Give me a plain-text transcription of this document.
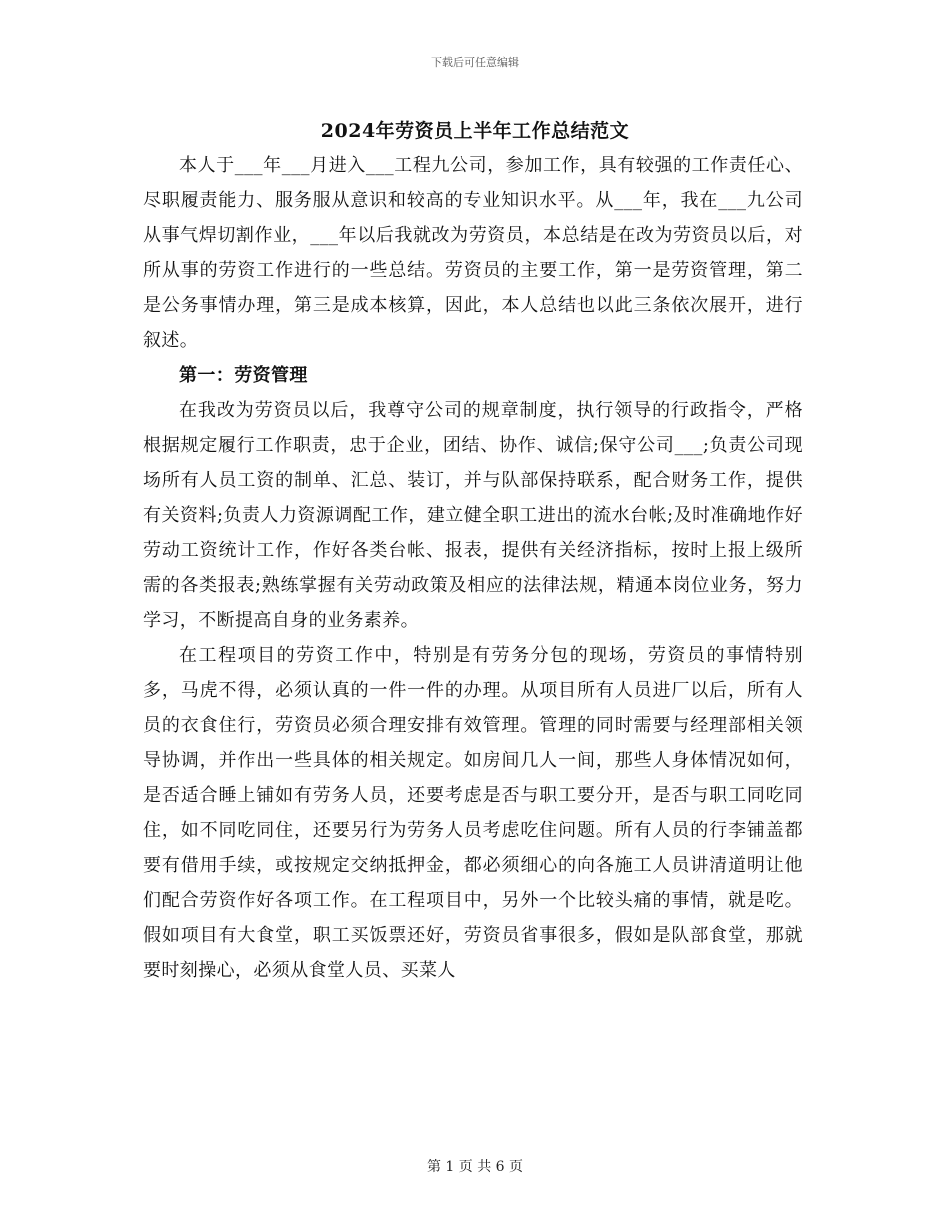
下载后可任意编辑
2024年劳资员上半年工作总结范文

本人于___年___月进入___工程九公司，参加工作，具有较强的工作责任心、尽职履责能力、服务服从意识和较高的专业知识水平。从___年，我在___九公司从事气焊切割作业，___年以后我就改为劳资员，本总结是在改为劳资员以后，对所从事的劳资工作进行的一些总结。劳资员的主要工作，第一是劳资管理，第二是公务事情办理，第三是成本核算，因此，本人总结也以此三条依次展开，进行叙述。

第一：劳资管理

在我改为劳资员以后，我尊守公司的规章制度，执行领导的行政指令，严格根据规定履行工作职责，忠于企业，团结、协作、诚信;保守公司___;负责公司现场所有人员工资的制单、汇总、装订，并与队部保持联系，配合财务工作，提供有关资料;负责人力资源调配工作，建立健全职工进出的流水台帐;及时准确地作好劳动工资统计工作，作好各类台帐、报表，提供有关经济指标，按时上报上级所需的各类报表;熟练掌握有关劳动政策及相应的法律法规，精通本岗位业务，努力学习，不断提高自身的业务素养。

在工程项目的劳资工作中，特别是有劳务分包的现场，劳资员的事情特别多，马虎不得，必须认真的一件一件的办理。从项目所有人员进厂以后，所有人员的衣食住行，劳资员必须合理安排有效管理。管理的同时需要与经理部相关领导协调，并作出一些具体的相关规定。如房间几人一间，那些人身体情况如何，是否适合睡上铺如有劳务人员，还要考虑是否与职工要分开，是否与职工同吃同住，如不同吃同住，还要另行为劳务人员考虑吃住问题。所有人员的行李铺盖都要有借用手续，或按规定交纳抵押金，都必须细心的向各施工人员讲清道明让他们配合劳资作好各项工作。在工程项目中，另外一个比较头痛的事情，就是吃。假如项目有大食堂，职工买饭票还好，劳资员省事很多，假如是队部食堂，那就要时刻操心，必须从食堂人员、买菜人

第 1 页 共 6 页
